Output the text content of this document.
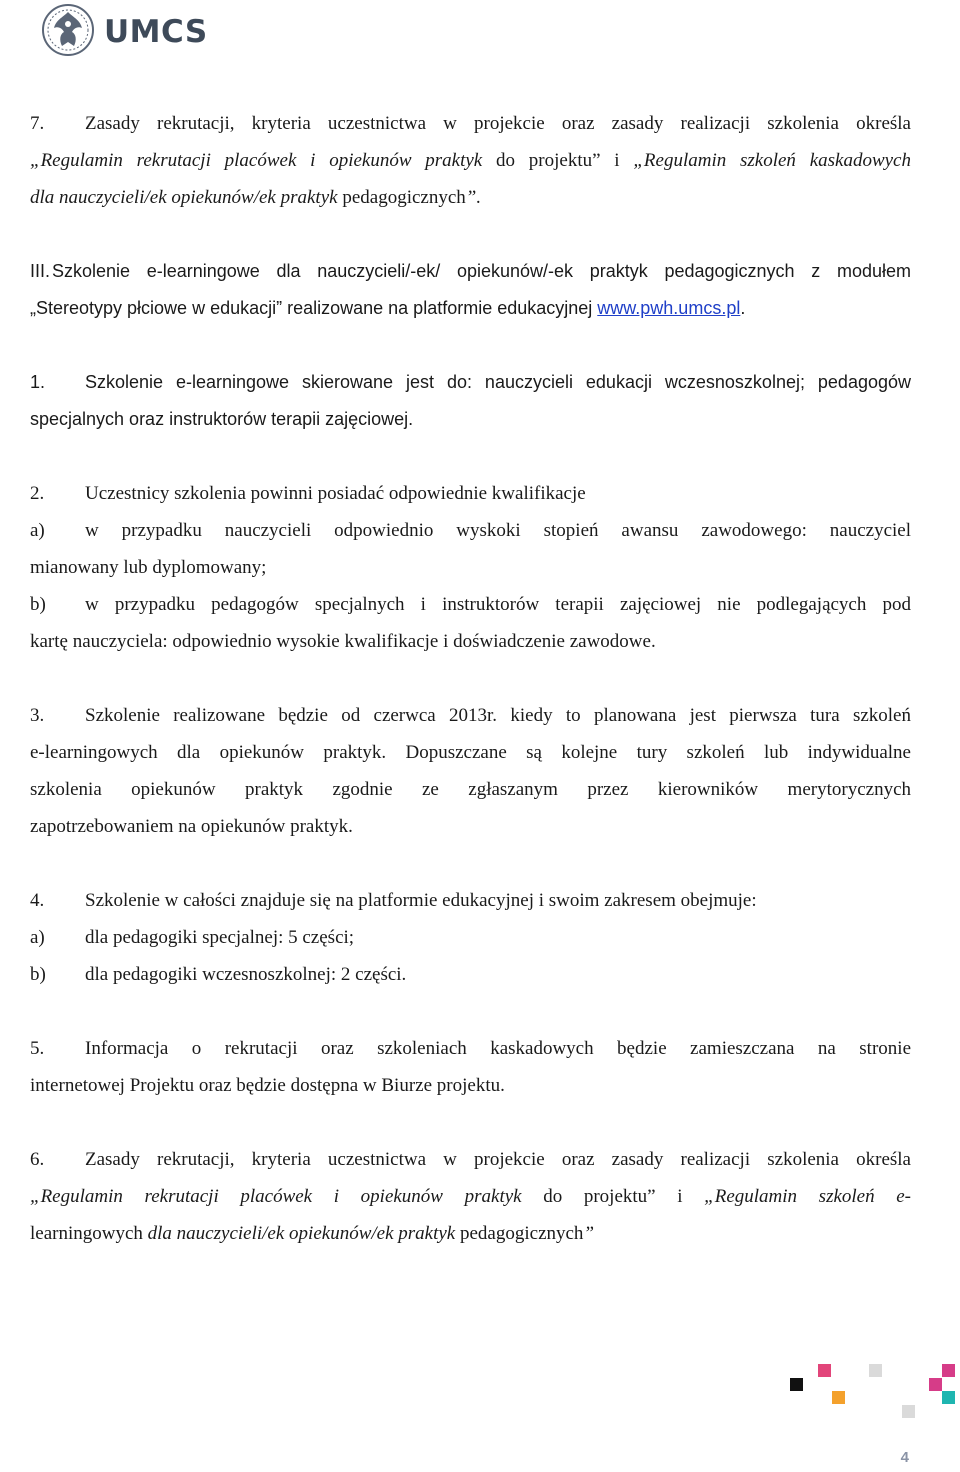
UMCS
7. Zasady rekrutacji, kryteria uczestnictwa w projekcie oraz zasady realizacji szkolenia określa
„Regulamin rekrutacji placówek i opiekunów praktyk do projektu” i „Regulamin szkoleń kaskadowych
dla nauczycieli/ek opiekunów/ek praktyk pedagogicznych”.
III. Szkolenie e-learningowe dla nauczycieli/-ek/ opiekunów/-ek praktyk pedagogicznych z modułem
„Stereotypy płciowe w edukacji” realizowane na platformie edukacyjnej www.pwh.umcs.pl.
1. Szkolenie e-learningowe skierowane jest do: nauczycieli edukacji wczesnoszkolnej; pedagogów
specjalnych oraz instruktorów terapii zajęciowej.
2. Uczestnicy szkolenia powinni posiadać odpowiednie kwalifikacje
a) w przypadku nauczycieli odpowiednio wyskoki stopień awansu zawodowego: nauczyciel
mianowany lub dyplomowany;
b) w przypadku pedagogów specjalnych i instruktorów terapii zajęciowej nie podlegających pod
kartę nauczyciela: odpowiednio wysokie kwalifikacje i doświadczenie zawodowe.
3. Szkolenie realizowane będzie od czerwca 2013r. kiedy to planowana jest pierwsza tura szkoleń
e-learningowych dla opiekunów praktyk. Dopuszczane są kolejne tury szkoleń lub indywidualne
szkolenia opiekunów praktyk zgodnie ze zgłaszanym przez kierowników merytorycznych
zapotrzebowaniem na opiekunów praktyk.
4. Szkolenie w całości znajduje się na platformie edukacyjnej i swoim zakresem obejmuje:
a) dla pedagogiki specjalnej: 5 części;
b) dla pedagogiki wczesnoszkolnej: 2 części.
5. Informacja o rekrutacji oraz szkoleniach kaskadowych będzie zamieszczana na stronie
internetowej Projektu oraz będzie dostępna w Biurze projektu.
6. Zasady rekrutacji, kryteria uczestnictwa w projekcie oraz zasady realizacji szkolenia określa
„Regulamin rekrutacji placówek i opiekunów praktyk do projektu” i „Regulamin szkoleń e-
learningowych dla nauczycieli/ek opiekunów/ek praktyk pedagogicznych”
4
